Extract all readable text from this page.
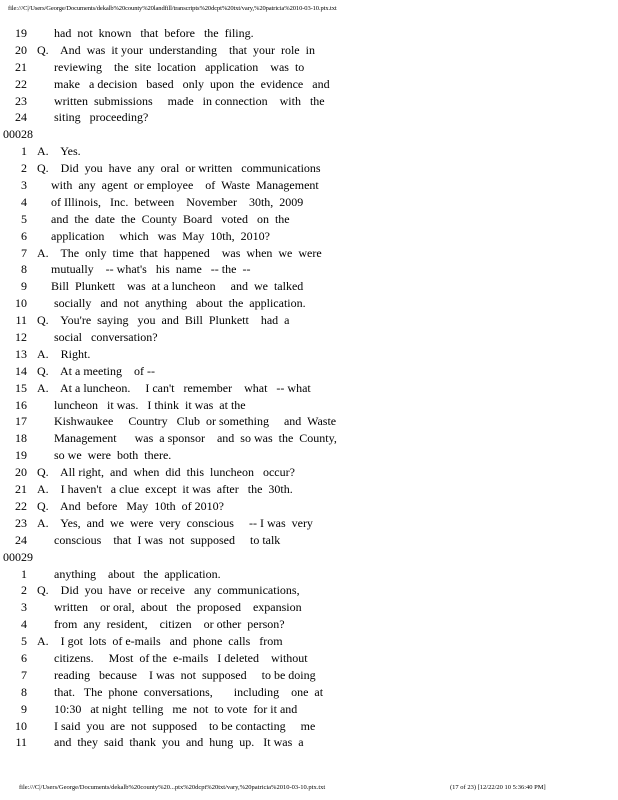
file:///C|/Users/George/Documents/dekalb%20county%20landfill/transcripts%20dcpt%20txt/vary,%20patricia%2010-03-10.ptx.txt
19 had  not  known   that  before   the  filing.
20 Q.    And  was  it your  understanding    that  your  role  in
21 reviewing    the  site  location   application    was  to
22 make   a decision   based   only  upon  the  evidence   and
23 written  submissions     made   in connection    with   the
24 siting   proceeding?
00028
1 A.    Yes.
2 Q.    Did  you  have  any  oral  or written   communications
3 with  any  agent  or employee    of  Waste  Management
4 of Illinois,   Inc.  between    November    30th,  2009
5 and  the  date  the  County  Board   voted   on  the
6 application     which   was  May  10th,  2010?
7 A.    The  only  time  that  happened    was  when  we  were
8 mutually    -- what's   his  name   -- the  --
9 Bill  Plunkett    was  at a luncheon     and  we  talked
10 socially   and  not  anything   about  the  application.
11 Q.    You're  saying   you  and  Bill  Plunkett    had  a
12 social   conversation?
13 A.    Right.
14 Q.    At a meeting    of --
15 A.    At a luncheon.     I can't   remember    what   -- what
16 luncheon   it was.   I think  it was  at the
17 Kishwaukee     Country   Club  or something     and  Waste
18 Management      was  a sponsor    and  so was  the  County,
19 so we  were  both  there.
20 Q.    All right,  and  when  did  this  luncheon   occur?
21 A.    I haven't   a clue  except  it was  after   the  30th.
22 Q.    And  before   May  10th  of 2010?
23 A.    Yes,  and  we  were  very  conscious     -- I was  very
24 conscious    that  I was  not  supposed     to talk
00029
1 anything    about   the  application.
2 Q.    Did  you  have  or receive   any  communications,
3 written    or oral,  about   the  proposed    expansion
4 from  any  resident,    citizen    or other  person?
5 A.    I got  lots  of e-mails   and  phone  calls   from
6 citizens.     Most  of the  e-mails   I deleted    without
7 reading   because    I was  not  supposed     to be doing
8 that.   The  phone  conversations,       including    one  at
9 10:30   at night  telling   me  not  to vote  for it and
10 I said  you  are  not  supposed    to be contacting     me
11 and  they  said  thank  you  and  hung  up.   It was  a
file:///C|/Users/George/Documents/dekalb%20county%20...ptx%20dcpt%20txt/vary,%20patricia%2010-03-10.ptx.txt	(17 of 23) [12/22/20 10 5:36:40 PM]
